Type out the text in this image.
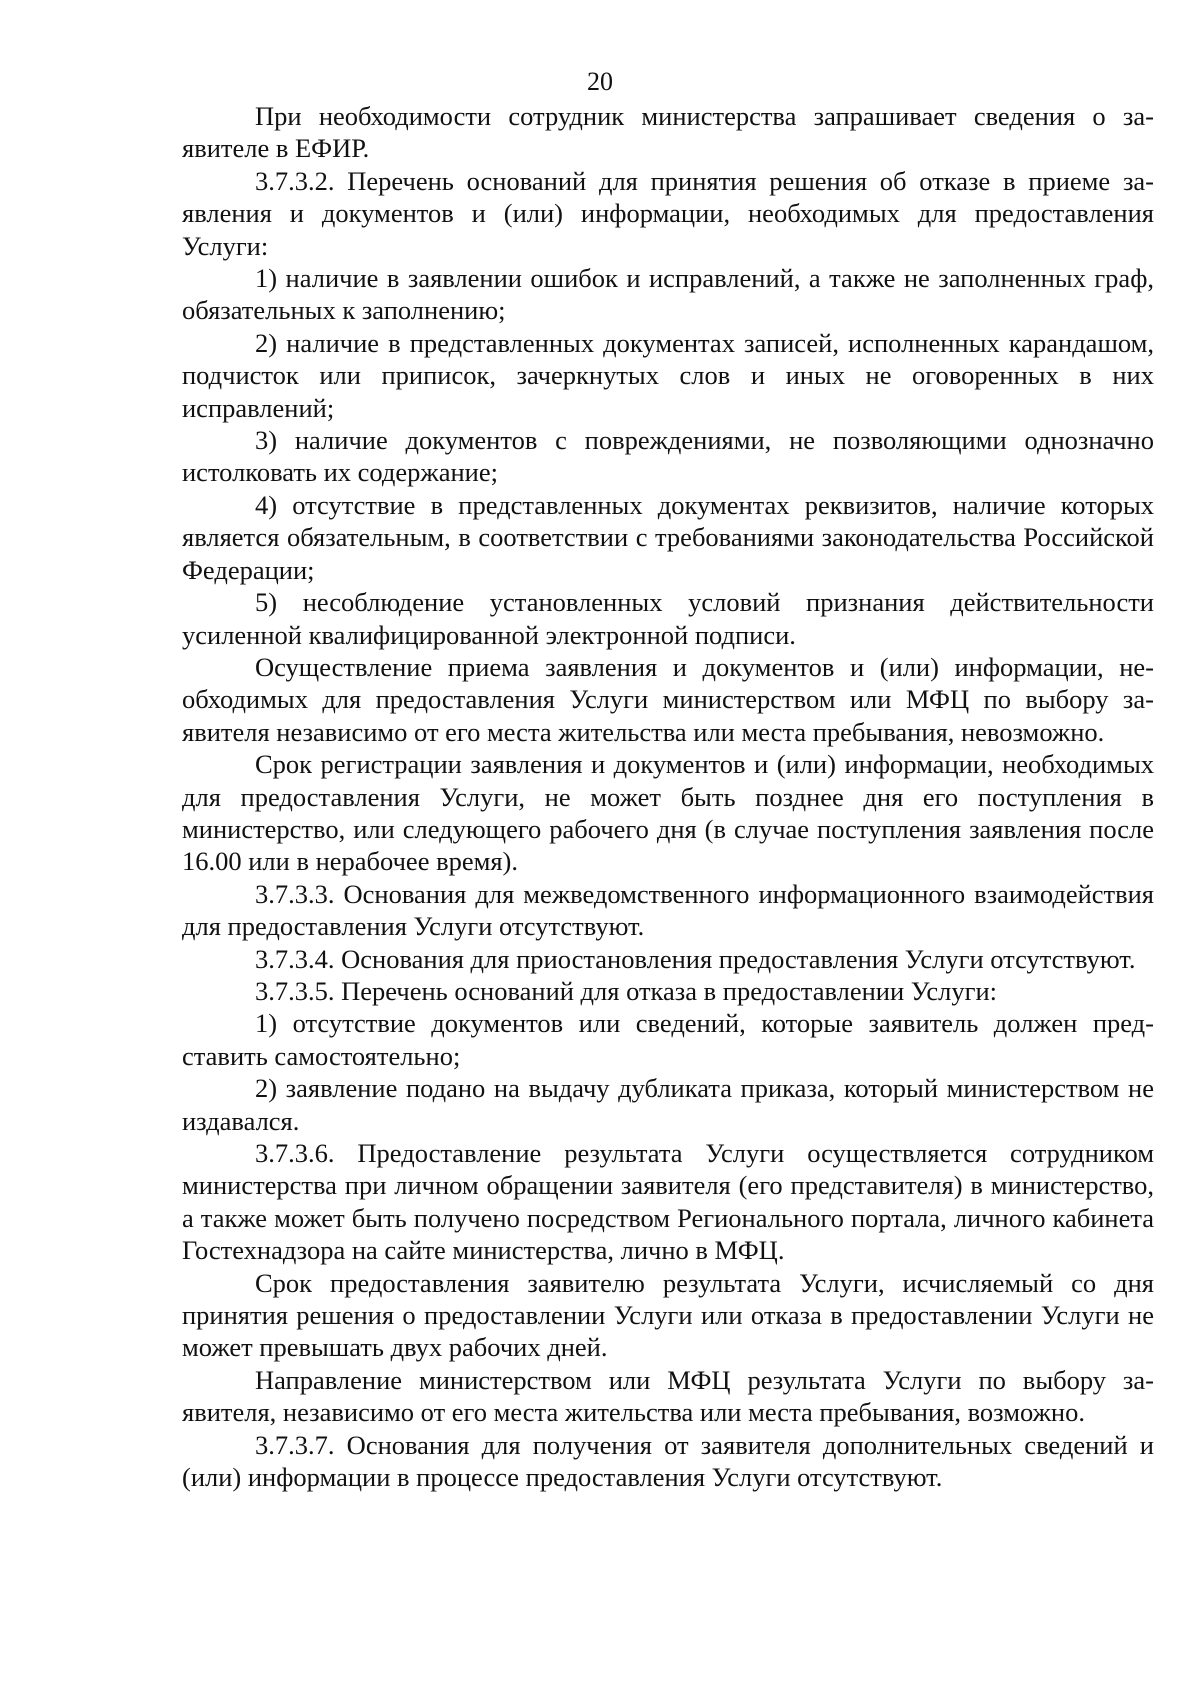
20

При необходимости сотрудник министерства запрашивает сведения о заявителе в ЕФИР.

3.7.3.2. Перечень оснований для принятия решения об отказе в приеме заявления и документов и (или) информации, необходимых для предоставления Услуги:

1) наличие в заявлении ошибок и исправлений, а также не заполненных граф, обязательных к заполнению;

2) наличие в представленных документах записей, исполненных карандашом, подчисток или приписок, зачеркнутых слов и иных не оговоренных в них исправлений;

3) наличие документов с повреждениями, не позволяющими однозначно истолковать их содержание;

4) отсутствие в представленных документах реквизитов, наличие которых является обязательным, в соответствии с требованиями законодательства Российской Федерации;

5) несоблюдение установленных условий признания действительности усиленной квалифицированной электронной подписи.

Осуществление приема заявления и документов и (или) информации, необходимых для предоставления Услуги министерством или МФЦ по выбору заявителя независимо от его места жительства или места пребывания, невозможно.

Срок регистрации заявления и документов и (или) информации, необходимых для предоставления Услуги, не может быть позднее дня его поступления в министерство, или следующего рабочего дня (в случае поступления заявления после 16.00 или в нерабочее время).

3.7.3.3. Основания для межведомственного информационного взаимодействия для предоставления Услуги отсутствуют.

3.7.3.4. Основания для приостановления предоставления Услуги отсутствуют.

3.7.3.5. Перечень оснований для отказа в предоставлении Услуги:

1) отсутствие документов или сведений, которые заявитель должен представить самостоятельно;

2) заявление подано на выдачу дубликата приказа, который министерством не издавался.

3.7.3.6. Предоставление результата Услуги осуществляется сотрудником министерства при личном обращении заявителя (его представителя) в министерство, а также может быть получено посредством Регионального портала, личного кабинета Гостехнадзора на сайте министерства, лично в МФЦ.

Срок предоставления заявителю результата Услуги, исчисляемый со дня принятия решения о предоставлении Услуги или отказа в предоставлении Услуги не может превышать двух рабочих дней.

Направление министерством или МФЦ результата Услуги по выбору заявителя, независимо от его места жительства или места пребывания, возможно.

3.7.3.7. Основания для получения от заявителя дополнительных сведений и (или) информации в процессе предоставления Услуги отсутствуют.
